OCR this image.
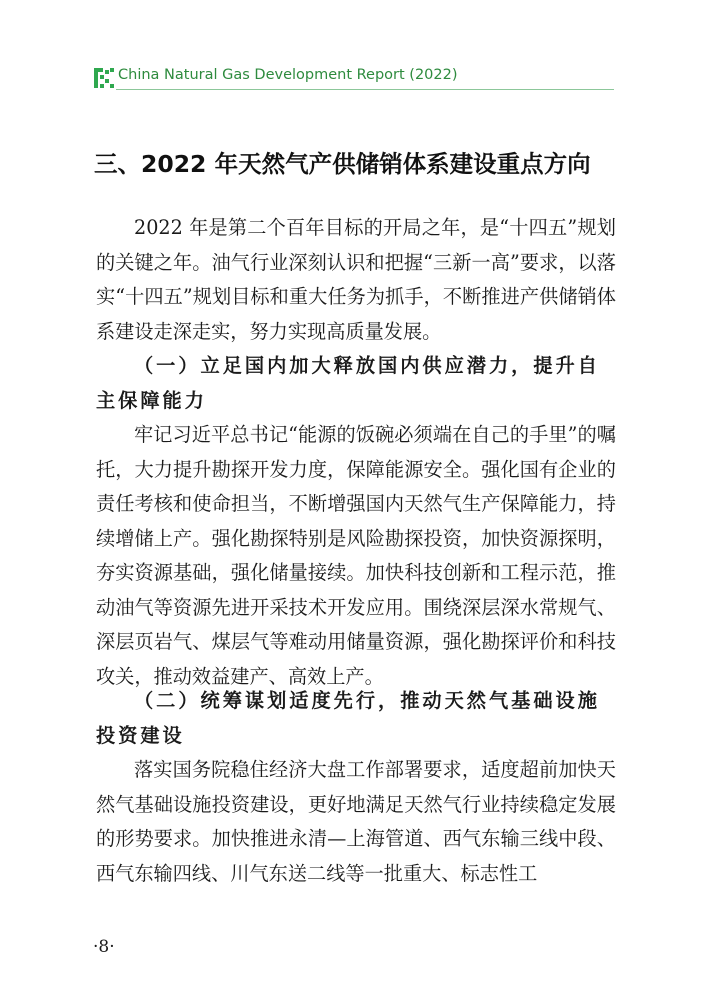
China Natural Gas Development Report (2022)
三、2022 年天然气产供储销体系建设重点方向

2022 年是第二个百年目标的开局之年，是“十四五”规划的关键之年。油气行业深刻认识和把握“三新一高”要求，以落实“十四五”规划目标和重大任务为抓手，不断推进产供储销体系建设走深走实，努力实现高质量发展。

（一）立足国内加大释放国内供应潜力，提升自主保障能力

牢记习近平总书记“能源的饭碗必须端在自己的手里”的嘱托，大力提升勘探开发力度，保障能源安全。强化国有企业的责任考核和使命担当，不断增强国内天然气生产保障能力，持续增储上产。强化勘探特别是风险勘探投资，加快资源探明，夯实资源基础，强化储量接续。加快科技创新和工程示范，推动油气等资源先进开采技术开发应用。围绕深层深水常规气、深层页岩气、煤层气等难动用储量资源，强化勘探评价和科技攻关，推动效益建产、高效上产。

（二）统筹谋划适度先行，推动天然气基础设施投资建设

落实国务院稳住经济大盘工作部署要求，适度超前加快天然气基础设施投资建设，更好地满足天然气行业持续稳定发展的形势要求。加快推进永清—上海管道、西气东输三线中段、西气东输四线、川气东送二线等一批重大、标志性工

·8·
